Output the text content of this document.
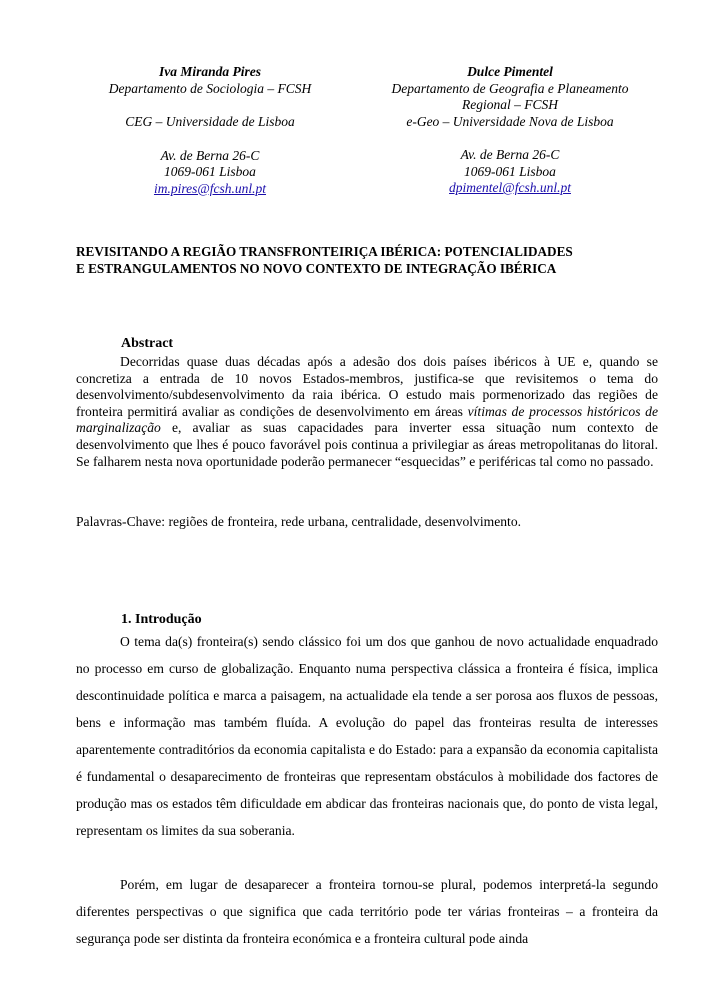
Iva Miranda Pires
Departamento de Sociologia – FCSH
CEG – Universidade de Lisboa
Av. de Berna 26-C
1069-061 Lisboa
im.pires@fcsh.unl.pt
Dulce Pimentel
Departamento de Geografia e Planeamento
Regional – FCSH
e-Geo – Universidade Nova de Lisboa
Av. de Berna 26-C
1069-061 Lisboa
dpimentel@fcsh.unl.pt
REVISITANDO A REGIÃO TRANSFRONTEIRIÇA IBÉRICA: POTENCIALIDADES
E ESTRANGULAMENTOS NO NOVO CONTEXTO DE INTEGRAÇÃO IBÉRICA
Abstract

Decorridas quase duas décadas após a adesão dos dois países ibéricos à UE e, quando se concretiza a entrada de 10 novos Estados-membros, justifica-se que revisitemos o tema do desenvolvimento/subdesenvolvimento da raia ibérica. O estudo mais pormenorizado das regiões de fronteira permitirá avaliar as condições de desenvolvimento em áreas vítimas de processos históricos de marginalização e, avaliar as suas capacidades para inverter essa situação num contexto de desenvolvimento que lhes é pouco favorável pois continua a privilegiar as áreas metropolitanas do litoral. Se falharem nesta nova oportunidade poderão permanecer “esquecidas” e periféricas tal como no passado.

Palavras-Chave: regiões de fronteira, rede urbana, centralidade, desenvolvimento.
1. Introdução

O tema da(s) fronteira(s) sendo clássico foi um dos que ganhou de novo actualidade enquadrado no processo em curso de globalização. Enquanto numa perspectiva clássica a fronteira é física, implica descontinuidade política e marca a paisagem, na actualidade ela tende a ser porosa aos fluxos de pessoas, bens e informação mas também fluída. A evolução do papel das fronteiras resulta de interesses aparentemente contraditórios da economia capitalista e do Estado: para a expansão da economia capitalista é fundamental o desaparecimento de fronteiras que representam obstáculos à mobilidade dos factores de produção mas os estados têm dificuldade em abdicar das fronteiras nacionais que, do ponto de vista legal, representam os limites da sua soberania.

Porém, em lugar de desaparecer a fronteira tornou-se plural, podemos interpretá-la segundo diferentes perspectivas o que significa que cada território pode ter várias fronteiras – a fronteira da segurança pode ser distinta da fronteira económica e a fronteira cultural pode ainda
